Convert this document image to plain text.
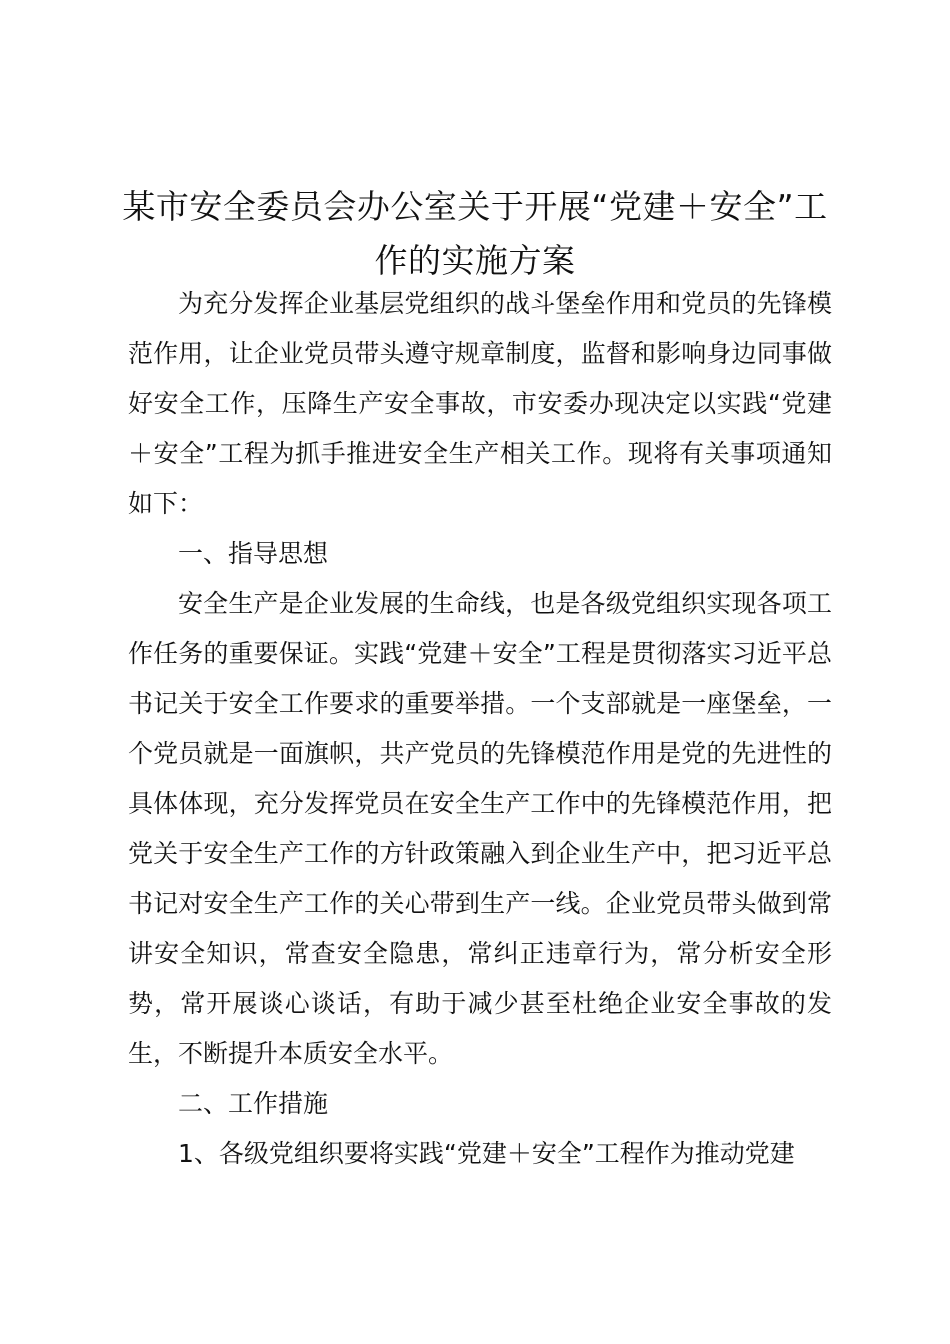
某市安全委员会办公室关于开展“党建＋安全”工作的实施方案

为充分发挥企业基层党组织的战斗堡垒作用和党员的先锋模范作用，让企业党员带头遵守规章制度，监督和影响身边同事做好安全工作，压降生产安全事故，市安委办现决定以实践“党建＋安全”工程为抓手推进安全生产相关工作。现将有关事项通知如下：

一、指导思想

安全生产是企业发展的生命线，也是各级党组织实现各项工作任务的重要保证。实践“党建＋安全”工程是贯彻落实习近平总书记关于安全工作要求的重要举措。一个支部就是一座堡垒，一个党员就是一面旗帜，共产党员的先锋模范作用是党的先进性的具体体现，充分发挥党员在安全生产工作中的先锋模范作用，把党关于安全生产工作的方针政策融入到企业生产中，把习近平总书记对安全生产工作的关心带到生产一线。企业党员带头做到常讲安全知识，常查安全隐患，常纠正违章行为，常分析安全形势，常开展谈心谈话，有助于减少甚至杜绝企业安全事故的发生，不断提升本质安全水平。

二、工作措施

1、各级党组织要将实践“党建＋安全”工程作为推动党建
